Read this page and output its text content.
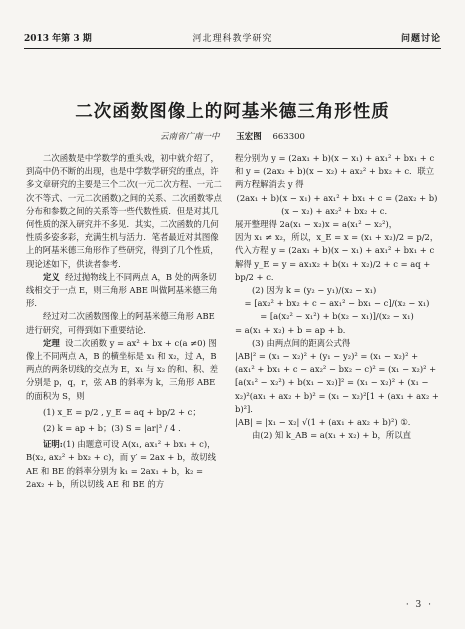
2013 年第 3 期	河北理科教学研究	问题讨论
二次函数图像上的阿基米德三角形性质
云南省广南一中 玉宏图 663300

二次函数是中学数学的重头戏，初中就介绍了，到高中仍不断的出现，也是中学数学研究的重点，许多文章研究的主要是三个二次(一元二次方程、一元二次不等式、一元二次函数)之间的关系、二次函数零点分布和参数之间的关系等一些代数性质．但是对其几何性质的深入研究并不多见．其实，二次函数的几何性质多姿多彩，充满生机与活力．笔者最近对其图像上的阿基米德三角形作了些研究，得到了几个性质，现论述如下，供读者参考．

定义 经过抛物线上不同两点 A，B 处的两条切线相交于一点 E，则三角形 ABE 叫做阿基米德三角形．

经过对二次函数图像上的阿基米德三角形 ABE 进行研究，可得到如下重要结论．

定理 设二次函数 y = ax² + bx + c(a ≠0) 图像上不同两点 A，B 的横坐标是 x₁ 和 x₂，过 A，B 两点的两条切线的交点为 E，x₁ 与 x₂ 的和、积、差分别是 p，q，r，弦 AB 的斜率为 k，三角形 ABE 的面积为 S，则

(1) x_E = p/2 , y_E = aq + bp/2 + c；

(2) k = ap + b；(3) S = |ar|³ / 4 ．

证明:(1) 由题意可设 A(x₁, ax₁² + bx₁ + c)，B(x₂, ax₂² + bx₂ + c)，而 y′ = 2ax + b，故切线 AE 和 BE 的斜率分别为 k₁ = 2ax₁ + b，k₂ = 2ax₂ + b，所以切线 AE 和 BE 的方

程分别为 y = (2ax₁ + b)(x − x₁) + ax₁² + bx₁ + c 和 y = (2ax₂ + b)(x − x₂) + ax₂² + bx₂ + c．联立两方程解消去 y 得

(2ax₁ + b)(x − x₁) + ax₁² + bx₁ + c = (2ax₂ + b)(x − x₂) + ax₂² + bx₂ + c．

展开整理得 2a(x₁ − x₂)x = a(x₁² − x₂²)，

因为 x₁ ≠ x₂，所以，x_E = x = (x₁ + x₂)/2 = p/2，代入方程 y = (2ax₁ + b)(x − x₁) + ax₁² + bx₁ + c 解得 y_E = y = ax₁x₂ + b(x₁ + x₂)/2 + c = aq + bp/2 + c．

(2) 因为 k = (y₂ − y₁)/(x₂ − x₁)

= [ax₂² + bx₂ + c − ax₁² − bx₁ − c]/(x₂ − x₁)

= [a(x₂² − x₁²) + b(x₂ − x₁)]/(x₂ − x₁)

= a(x₁ + x₂) + b = ap + b．

(3) 由两点间的距离公式得

|AB|² = (x₁ − x₂)² + (y₁ − y₂)² = (x₁ − x₂)² + (ax₁² + bx₁ + c − ax₂² − bx₂ − c)² = (x₁ − x₂)² + [a(x₁² − x₂²) + b(x₁ − x₂)]² = (x₁ − x₂)² + (x₁ − x₂)²(ax₁ + ax₂ + b)² = (x₁ − x₂)²[1 + (ax₁ + ax₂ + b)²]．

|AB| = |x₁ − x₂| √(1 + (ax₁ + ax₂ + b)²) ①．

由(2) 知 k_AB = a(x₁ + x₂) + b，所以直

· 3 ·
